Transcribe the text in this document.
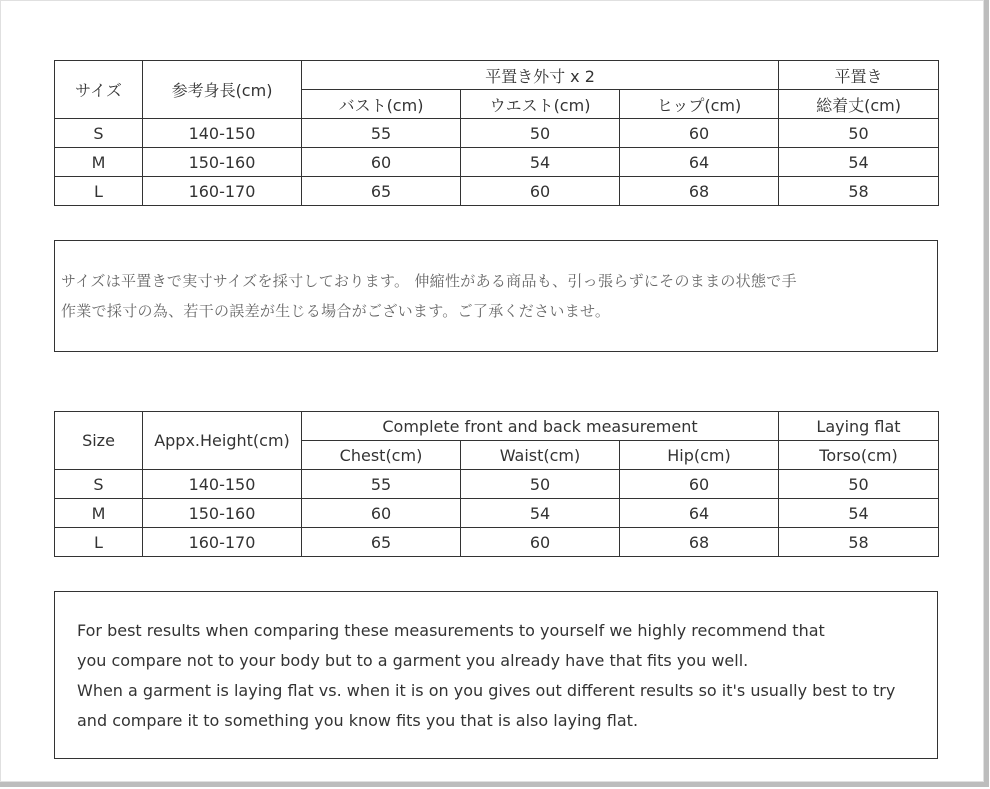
サイズ	参考身長(cm)	平置き外寸 x 2			平置き
		バスト(cm)	ウエスト(cm)	ヒップ(cm)	総着丈(cm)
S	140-150	55	50	60	50
M	150-160	60	54	64	54
L	160-170	65	60	68	58
サイズは平置きで実寸サイズを採寸しております。 伸縮性がある商品も、引っ張らずにそのままの状態で手
作業で採寸の為、若干の誤差が生じる場合がございます。ご了承くださいませ。
Size	Appx.Height(cm)	Complete front and back measurement			Laying flat
		Chest(cm)	Waist(cm)	Hip(cm)	Torso(cm)
S	140-150	55	50	60	50
M	150-160	60	54	64	54
L	160-170	65	60	68	58
For best results when comparing these measurements to yourself we highly recommend that
you compare not to your body but to a garment you already have that fits you well.
When a garment is laying flat vs. when it is on you gives out different results so it's usually best to try
and compare it to something you know fits you that is also laying flat.
